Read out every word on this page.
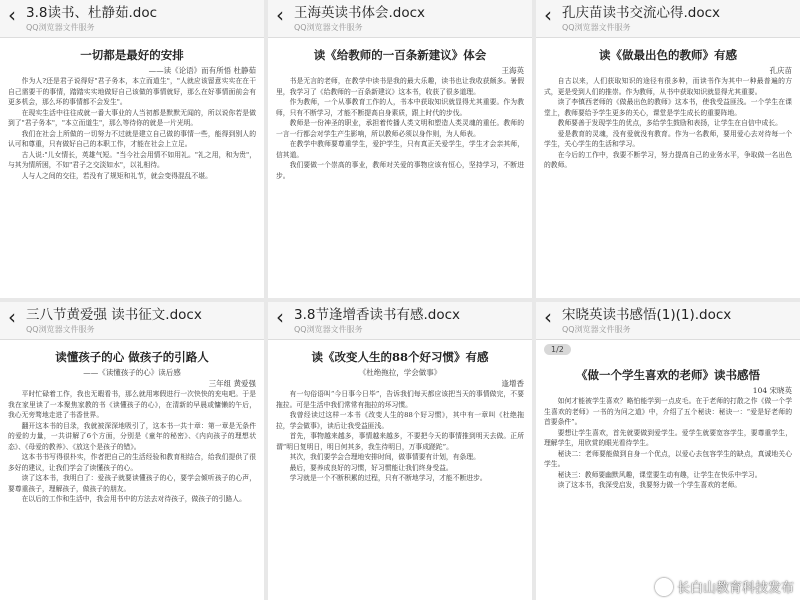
‹ 3.8读书、杜静茹.doc
QQ浏览器文件服务
一切都是最好的安排
——读《论语》而有所悟 杜静茹

作为人?还是君子说得好"君子务本，本立而道生"，"人就应该留意实实在在干自己需要干的事情，踏踏实实地做好自己该做的事情就好，那么在好事情面前会有更多机会，那么坏的事情都不会发生"。

在现实生活中往往成就一番大事业的人当初都是默默无闻的，所以说你若是做到了"君子务本"，"本立而道生"，那么等待你的就是一片光明。

我们在社会上所做的一切努力不过就是建立自己做的事情一些，能得到别人的认可和尊重，只有做好自己的本职工作，才能在社会上立足。

古人说:"儿女情长，英雄气短。"当今社会用情不如用礼。"礼之用，和为贵"，与其为情所困，不如"君子之交淡如水"，以礼相待。

人与人之间的交往，若没有了规矩和礼节，就会变得混乱不堪。

‹ 王海英读书体会.docx
QQ浏览器文件服务
读《给教师的一百条新建议》体会
王海英

书是无言的老师，在教学中读书是我的最大乐趣，读书也让我收获颇多。暑假里，我学习了《给教师的一百条新建议》这本书，收获了很多道理。

作为教师，一个从事教育工作的人，书本中获取知识就显得尤其重要。作为教师，只有不断学习，才能不断提高自身素质，跟上时代的步伐。

教师是一份神圣的职业，承担着传播人类文明和塑造人类灵魂的重任。教师的一言一行都会对学生产生影响，所以教师必须以身作则，为人师表。

在教学中教师要尊重学生，爱护学生，只有真正关爱学生，学生才会亲其师，信其道。

我们要做一个崇高的事业，教师对关爱的事物应该有恒心，坚持学习，不断进步。

‹ 孔庆苗读书交流心得.docx
QQ浏览器文件服务
读《做最出色的教师》有感
孔庆苗

自古以来，人们获取知识的途径有很多种，而读书作为其中一种最普遍的方式，更是受到人们的推崇。作为教师，从书中获取知识就显得尤其重要。

读了李镇西老师的《做最出色的教师》这本书，使我受益匪浅。一个学生在课堂上，教师要给予学生更多的关心，课堂是学生成长的重要阵地。

教师要善于发现学生的优点，多给学生鼓励和表扬，让学生在自信中成长。

爱是教育的灵魂，没有爱就没有教育。作为一名教师，要用爱心去对待每一个学生，关心学生的生活和学习。

在今后的工作中，我要不断学习，努力提高自己的业务水平，争取做一名出色的教师。

‹ 三八节黄爱强 读书征文.docx
QQ浏览器文件服务
读懂孩子的心 做孩子的引路人
——《读懂孩子的心》读后感
三年组 黄爱强

平时忙碌着工作，我也无暇看书，那么就用寒假进行一次快快的充电吧。于是我在家里读了一本聚焦家教的书《读懂孩子的心》，在清新的早晨或慵懒的午后，我心无旁骛地走进了书香世界。

翻开这本书的目录，我就被深深地吸引了，这本书一共十章：第一章是无条件的爱的力量，一共讲解了6个方面，分别是《童年的秘密》、《内向孩子的理想状态》、《母爱的教养》、《放这个是孩子的错》。

这本书书写得很朴实，作者把自己的生活经验和教育相结合，给我们提供了很多好的建议，让我们学会了读懂孩子的心。

读了这本书，我明白了：爱孩子就要读懂孩子的心，要学会倾听孩子的心声，要尊重孩子，理解孩子，做孩子的朋友。

在以后的工作和生活中，我会用书中的方法去对待孩子，做孩子的引路人。

‹ 3.8节逢增香读书有感.docx
QQ浏览器文件服务
读《改变人生的88个好习惯》有感
《杜绝拖拉，学会做事》
逢增香

有一句俗语叫“今日事今日毕”，告诉我们每天都应该把当天的事情做完，不要拖拉。可是生活中我们常常有拖拉的坏习惯。

我曾经读过这样一本书《改变人生的88个好习惯》，其中有一章叫《杜绝拖拉，学会做事》，读后让我受益匪浅。

首先，事物越来越多，事情越来越多，不要把今天的事情推到明天去做。正所谓“明日复明日，明日何其多，我生待明日，万事成蹉跎”。

其次，我们要学会合理地安排时间，做事情要有计划，有条理。

最后，要养成良好的习惯，好习惯能让我们终身受益。

学习就是一个不断积累的过程，只有不断地学习，才能不断进步。

‹ 宋晓英读书感悟(1)(1).docx
QQ浏览器文件服务
1/2
《做一个学生喜欢的老师》读书感悟
104 宋晓英

如何才能被学生喜欢？略怕能学到一点皮毛。在于老师的打散之作《做一个学生喜欢的老师》一书的为问之道》中，介绍了五个秘诀：秘诀一：“爱是好老师的首要条件”。

要想让学生喜欢，首先就要做到爱学生。爱学生就要宽容学生，要尊重学生，理解学生，用欣赏的眼光看待学生。

秘诀二：老师要能做到自身一个优点，以爱心去包容学生的缺点，真诚地关心学生。

秘诀三：教师要幽默风趣，课堂要生动有趣，让学生在快乐中学习。

读了这本书，我深受启发，我要努力做一个学生喜欢的老师。

长白山教育科技发布
